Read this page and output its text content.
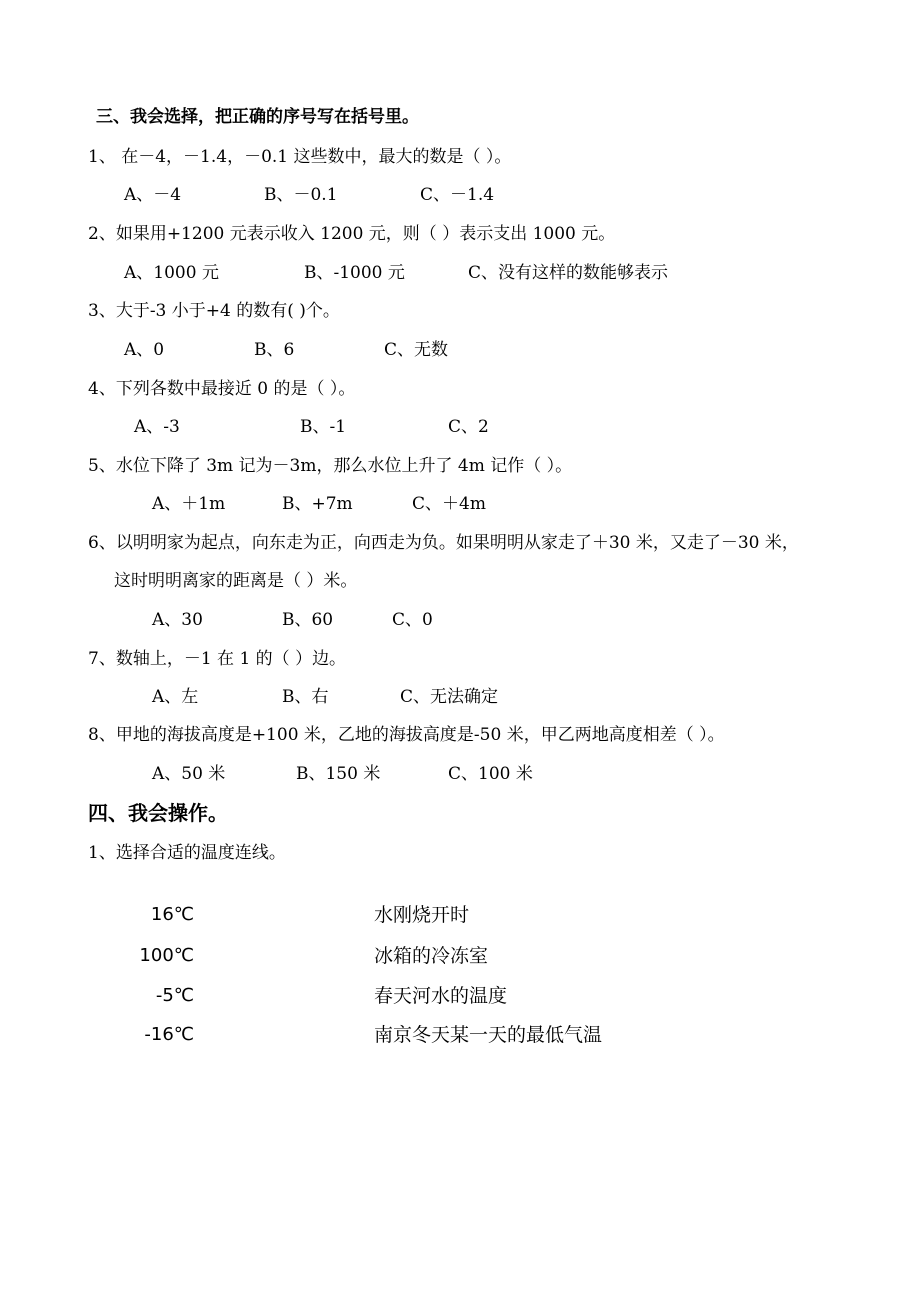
三、我会选择，把正确的序号写在括号里。
1、 在－4，－1.4，－0.1 这些数中，最大的数是（ ）。
A、－4	B、－0.1	C、－1.4
2、如果用+1200 元表示收入 1200 元，则（ ）表示支出 1000 元。
A、1000 元	B、-1000 元	C、没有这样的数能够表示
3、大于-3 小于+4 的数有( )个。
A、0	B、6	C、无数
4、下列各数中最接近 0 的是（ ）。
A、-3	B、-1	C、2
5、水位下降了 3m 记为－3m，那么水位上升了 4m 记作（ ）。
A、＋1m	B、+7m	C、＋4m
6、以明明家为起点，向东走为正，向西走为负。如果明明从家走了＋30 米，又走了－30 米，
这时明明离家的距离是（ ）米。
A、30	B、60	C、0
7、数轴上，－1 在 1 的（ ）边。
A、左	B、右	C、无法确定
8、甲地的海拔高度是+100 米，乙地的海拔高度是-50 米，甲乙两地高度相差（ ）。
A、50 米	B、150 米	C、100 米
四、我会操作。
1、选择合适的温度连线。
16℃	水刚烧开时
100℃	冰箱的冷冻室
-5℃	春天河水的温度
-16℃	南京冬天某一天的最低气温
